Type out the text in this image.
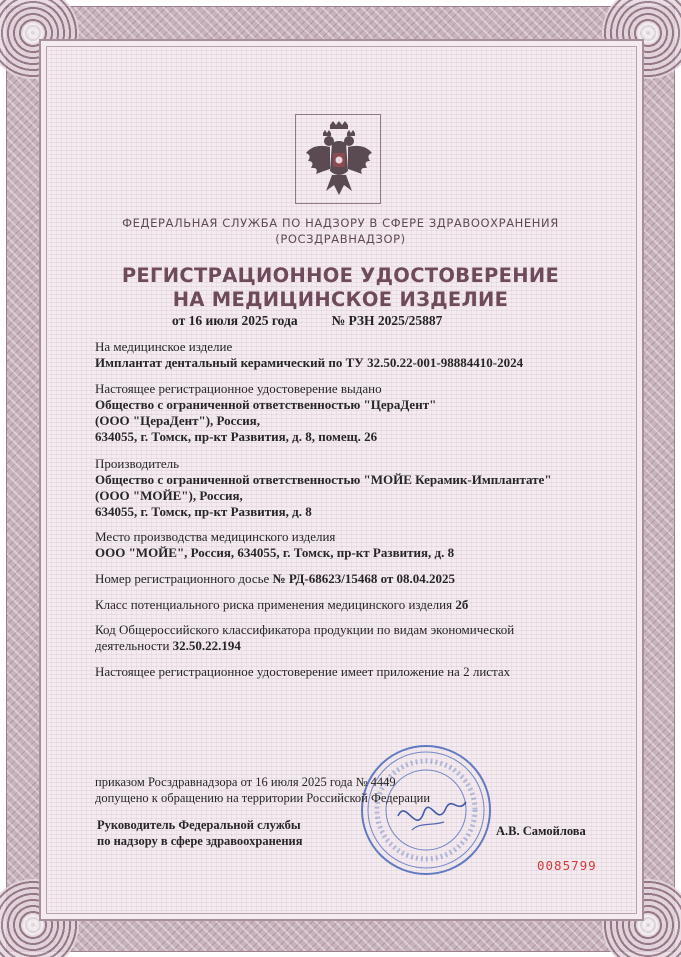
ФЕДЕРАЛЬНАЯ СЛУЖБА ПО НАДЗОРУ В СФЕРЕ ЗДРАВООХРАНЕНИЯ
(РОСЗДРАВНАДЗОР)
РЕГИСТРАЦИОННОЕ УДОСТОВЕРЕНИЕ
НА МЕДИЦИНСКОЕ ИЗДЕЛИЕ
от 16 июля 2025 года	№ РЗН 2025/25887
На медицинское изделие
Имплантат дентальный керамический по ТУ 32.50.22-001-98884410-2024
Настоящее регистрационное удостоверение выдано
Общество с ограниченной ответственностью "ЦераДент"
(ООО "ЦераДент"), Россия,
634055, г. Томск, пр-кт Развития, д. 8, помещ. 26
Производитель
Общество с ограниченной ответственностью "МОЙЕ Керамик-Имплантатe"
(ООО "МОЙЕ"), Россия,
634055, г. Томск, пр-кт Развития, д. 8
Место производства медицинского изделия
ООО "МОЙЕ", Россия, 634055, г. Томск, пр-кт Развития, д. 8
Номер регистрационного досье № РД-68623/15468 от 08.04.2025
Класс потенциального риска применения медицинского изделия 2б
Код Общероссийского классификатора продукции по видам экономической
деятельности 32.50.22.194
Настоящее регистрационное удостоверение имеет приложение на 2 листах
приказом Росздравнадзора от 16 июля 2025 года № 4449
допущено к обращению на территории Российской Федерации
Руководитель Федеральной службы
по надзору в сфере здравоохранения
А.В. Самойлова
0085799
